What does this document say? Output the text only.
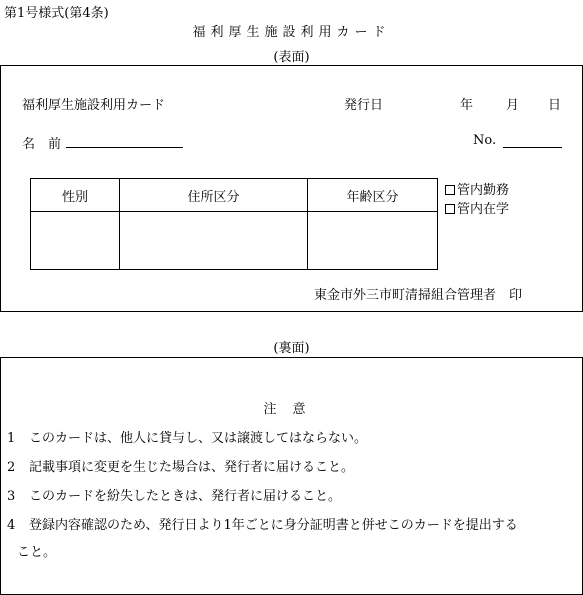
第1号様式(第4条)
福利厚生施設利用カード
(表面)
福利厚生施設利用カード	発行日	年	月 日
名　前	No.
性別	住所区分	年齢区分
			管内勤務
管内在学
東金市外三市町清掃組合管理者　印
(裏面)
注意
1 このカードは、他人に貸与し、又は譲渡してはならない。
2 記載事項に変更を生じた場合は、発行者に届けること。
3 このカードを紛失したときは、発行者に届けること。
4 登録内容確認のため、発行日より1年ごとに身分証明書と併せこのカードを提出する
こと。
